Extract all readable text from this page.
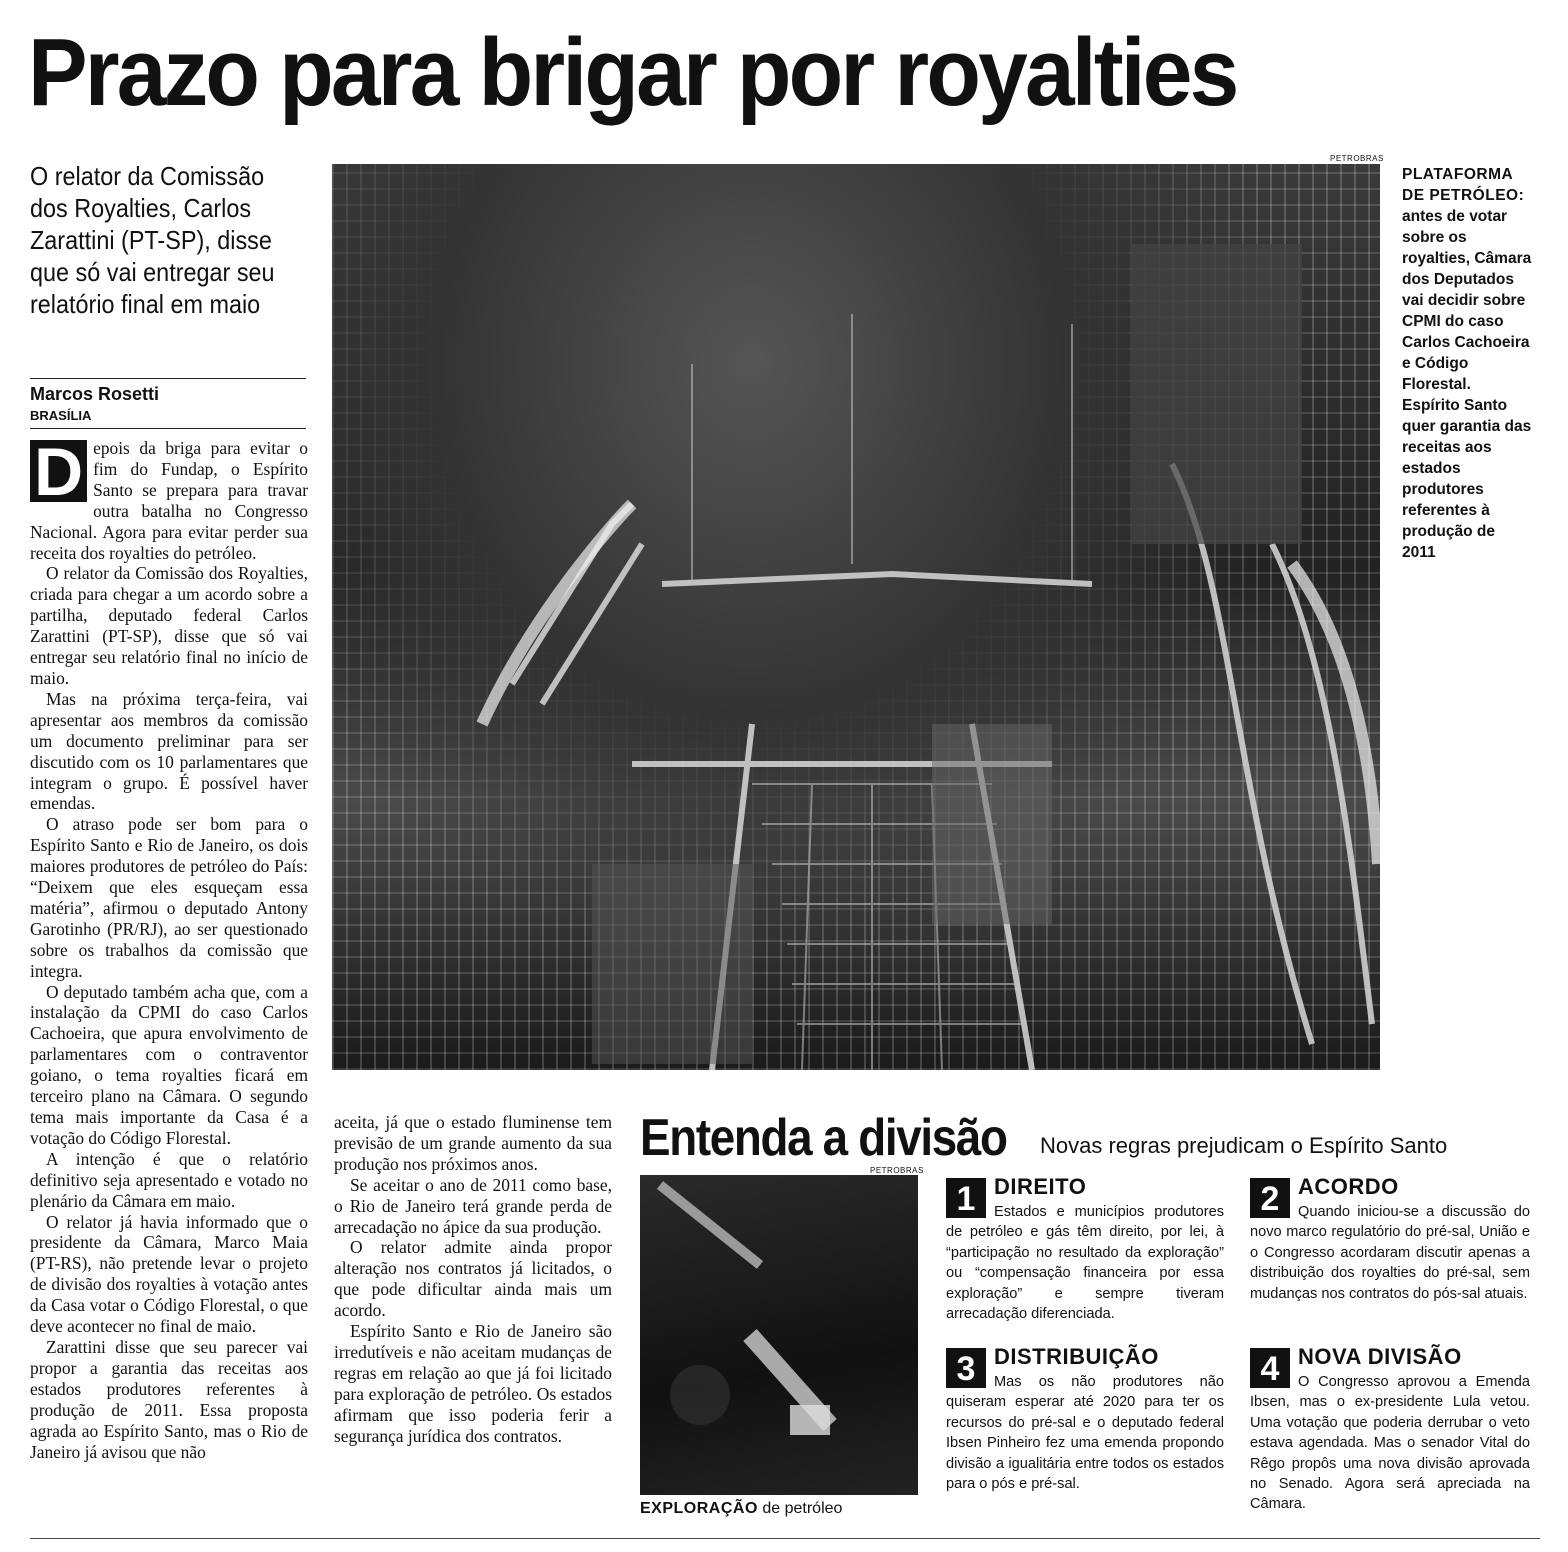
Prazo para brigar por royalties
O relator da Comissão dos Royalties, Carlos Zarattini (PT-SP), disse que só vai entregar seu relatório final em maio
Marcos Rosetti
BRASÍLIA

D epois da briga para evitar o fim do Fundap, o Espírito Santo se prepara para travar outra batalha no Congresso Nacional. Agora para evitar perder sua receita dos royalties do petróleo.

O relator da Comissão dos Royalties, criada para chegar a um acordo sobre a partilha, deputado federal Carlos Zarattini (PT-SP), disse que só vai entregar seu relatório final no início de maio.

Mas na próxima terça-feira, vai apresentar aos membros da comissão um documento preliminar para ser discutido com os 10 parlamentares que integram o grupo. É possível haver emendas.

O atraso pode ser bom para o Espírito Santo e Rio de Janeiro, os dois maiores produtores de petróleo do País: “Deixem que eles esqueçam essa matéria”, afirmou o deputado Antony Garotinho (PR/RJ), ao ser questionado sobre os trabalhos da comissão que integra.

O deputado também acha que, com a instalação da CPMI do caso Carlos Cachoeira, que apura envolvimento de parlamentares com o contraventor goiano, o tema royalties ficará em terceiro plano na Câmara. O segundo tema mais importante da Casa é a votação do Código Florestal.

A intenção é que o relatório definitivo seja apresentado e votado no plenário da Câmara em maio.

O relator já havia informado que o presidente da Câmara, Marco Maia (PT-RS), não pretende levar o projeto de divisão dos royalties à votação antes da Casa votar o Código Florestal, o que deve acontecer no final de maio.

Zarattini disse que seu parecer vai propor a garantia das receitas aos estados produtores referentes à produção de 2011. Essa proposta agrada ao Espírito Santo, mas o Rio de Janeiro já avisou que não

aceita, já que o estado fluminense tem previsão de um grande aumento da sua produção nos próximos anos.

Se aceitar o ano de 2011 como base, o Rio de Janeiro terá grande perda de arrecadação no ápice da sua produção.

O relator admite ainda propor alteração nos contratos já licitados, o que pode dificultar ainda mais um acordo.

Espírito Santo e Rio de Janeiro são irredutíveis e não aceitam mudanças de regras em relação ao que já foi licitado para exploração de petróleo. Os estados afirmam que isso poderia ferir a segurança jurídica dos contratos.

PETROBRAS
PLATAFORMA DE PETRÓLEO:
antes de votar sobre os royalties, Câmara dos Deputados vai decidir sobre CPMI do caso Carlos Cachoeira e Código Florestal. Espírito Santo quer garantia das receitas aos estados produtores referentes à produção de 2011
Entenda a divisão Novas regras prejudicam o Espírito Santo
PETROBRAS
EXPLORAÇÃO de petróleo
1 DIREITO
Estados e municípios produtores de petróleo e gás têm direito, por lei, à “participação no resultado da exploração” ou “compensação financeira por essa exploração” e sempre tiveram arrecadação diferenciada.
2 ACORDO
Quando iniciou-se a discussão do novo marco regulatório do pré-sal, União e o Congresso acordaram discutir apenas a distribuição dos royalties do pré-sal, sem mudanças nos contratos do pós-sal atuais.
3 DISTRIBUIÇÃO
Mas os não produtores não quiseram esperar até 2020 para ter os recursos do pré-sal e o deputado federal Ibsen Pinheiro fez uma emenda propondo divisão a igualitária entre todos os estados para o pós e pré-sal.
4 NOVA DIVISÃO
O Congresso aprovou a Emenda Ibsen, mas o ex-presidente Lula vetou. Uma votação que poderia derrubar o veto estava agendada. Mas o senador Vital do Rêgo propôs uma nova divisão aprovada no Senado. Agora será apreciada na Câmara.
